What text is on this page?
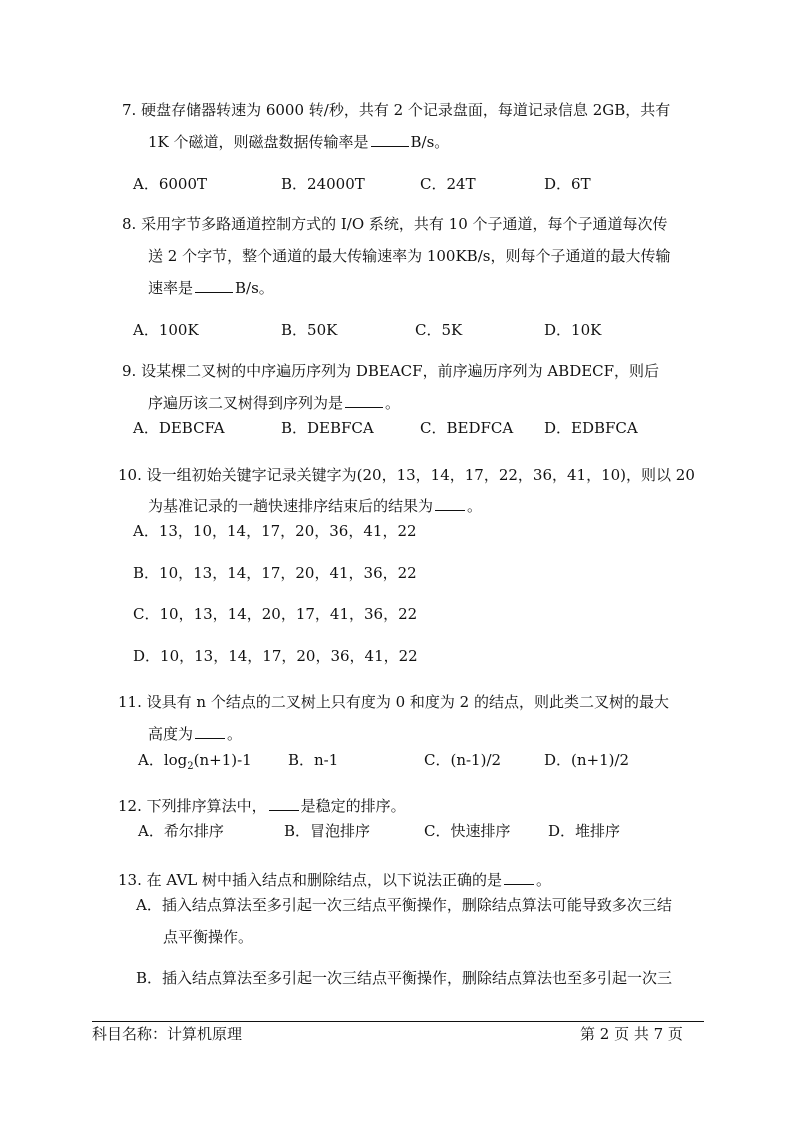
7. 硬盘存储器转速为 6000 转/秒，共有 2 个记录盘面，每道记录信息 2GB，共有
1K 个磁道，则磁盘数据传输率是	B/s。
A．6000T	B．24000T	C．24T	D．6T
8. 采用字节多路通道控制方式的 I/O 系统，共有 10 个子通道，每个子通道每次传
送 2 个字节，整个通道的最大传输速率为 100KB/s，则每个子通道的最大传输
速率是	B/s。
A．100K	B．50K	C．5K	D．10K
9. 设某棵二叉树的中序遍历序列为 DBEACF，前序遍历序列为 ABDECF，则后
序遍历该二叉树得到序列为是	。
A．DEBCFA	B．DEBFCA	C．BEDFCA D．EDBFCA
10. 设一组初始关键字记录关键字为(20，13，14，17，22，36，41，10)，则以 20
为基准记录的一趟快速排序结束后的结果为 。
A．13，10，14，17，20，36，41，22
B．10，13，14，17，20，41，36，22
C．10，13，14，20，17，41，36，22
D．10，13，14，17，20，36，41，22
11. 设具有 n 个结点的二叉树上只有度为 0 和度为 2 的结点，则此类二叉树的最大
高度为 。
A．$\log_2(n+1)-1$ B．n-1	C．(n-1)/2	D．(n+1)/2
12. 下列排序算法中， 是稳定的排序。
A．希尔排序	B．冒泡排序	C．快速排序	D．堆排序
13. 在 AVL 树中插入结点和删除结点，以下说法正确的是 。
A．插入结点算法至多引起一次三结点平衡操作，删除结点算法可能导致多次三结
点平衡操作。
B．插入结点算法至多引起一次三结点平衡操作，删除结点算法也至多引起一次三
科目名称：计算机原理	第 2 页 共 7 页
